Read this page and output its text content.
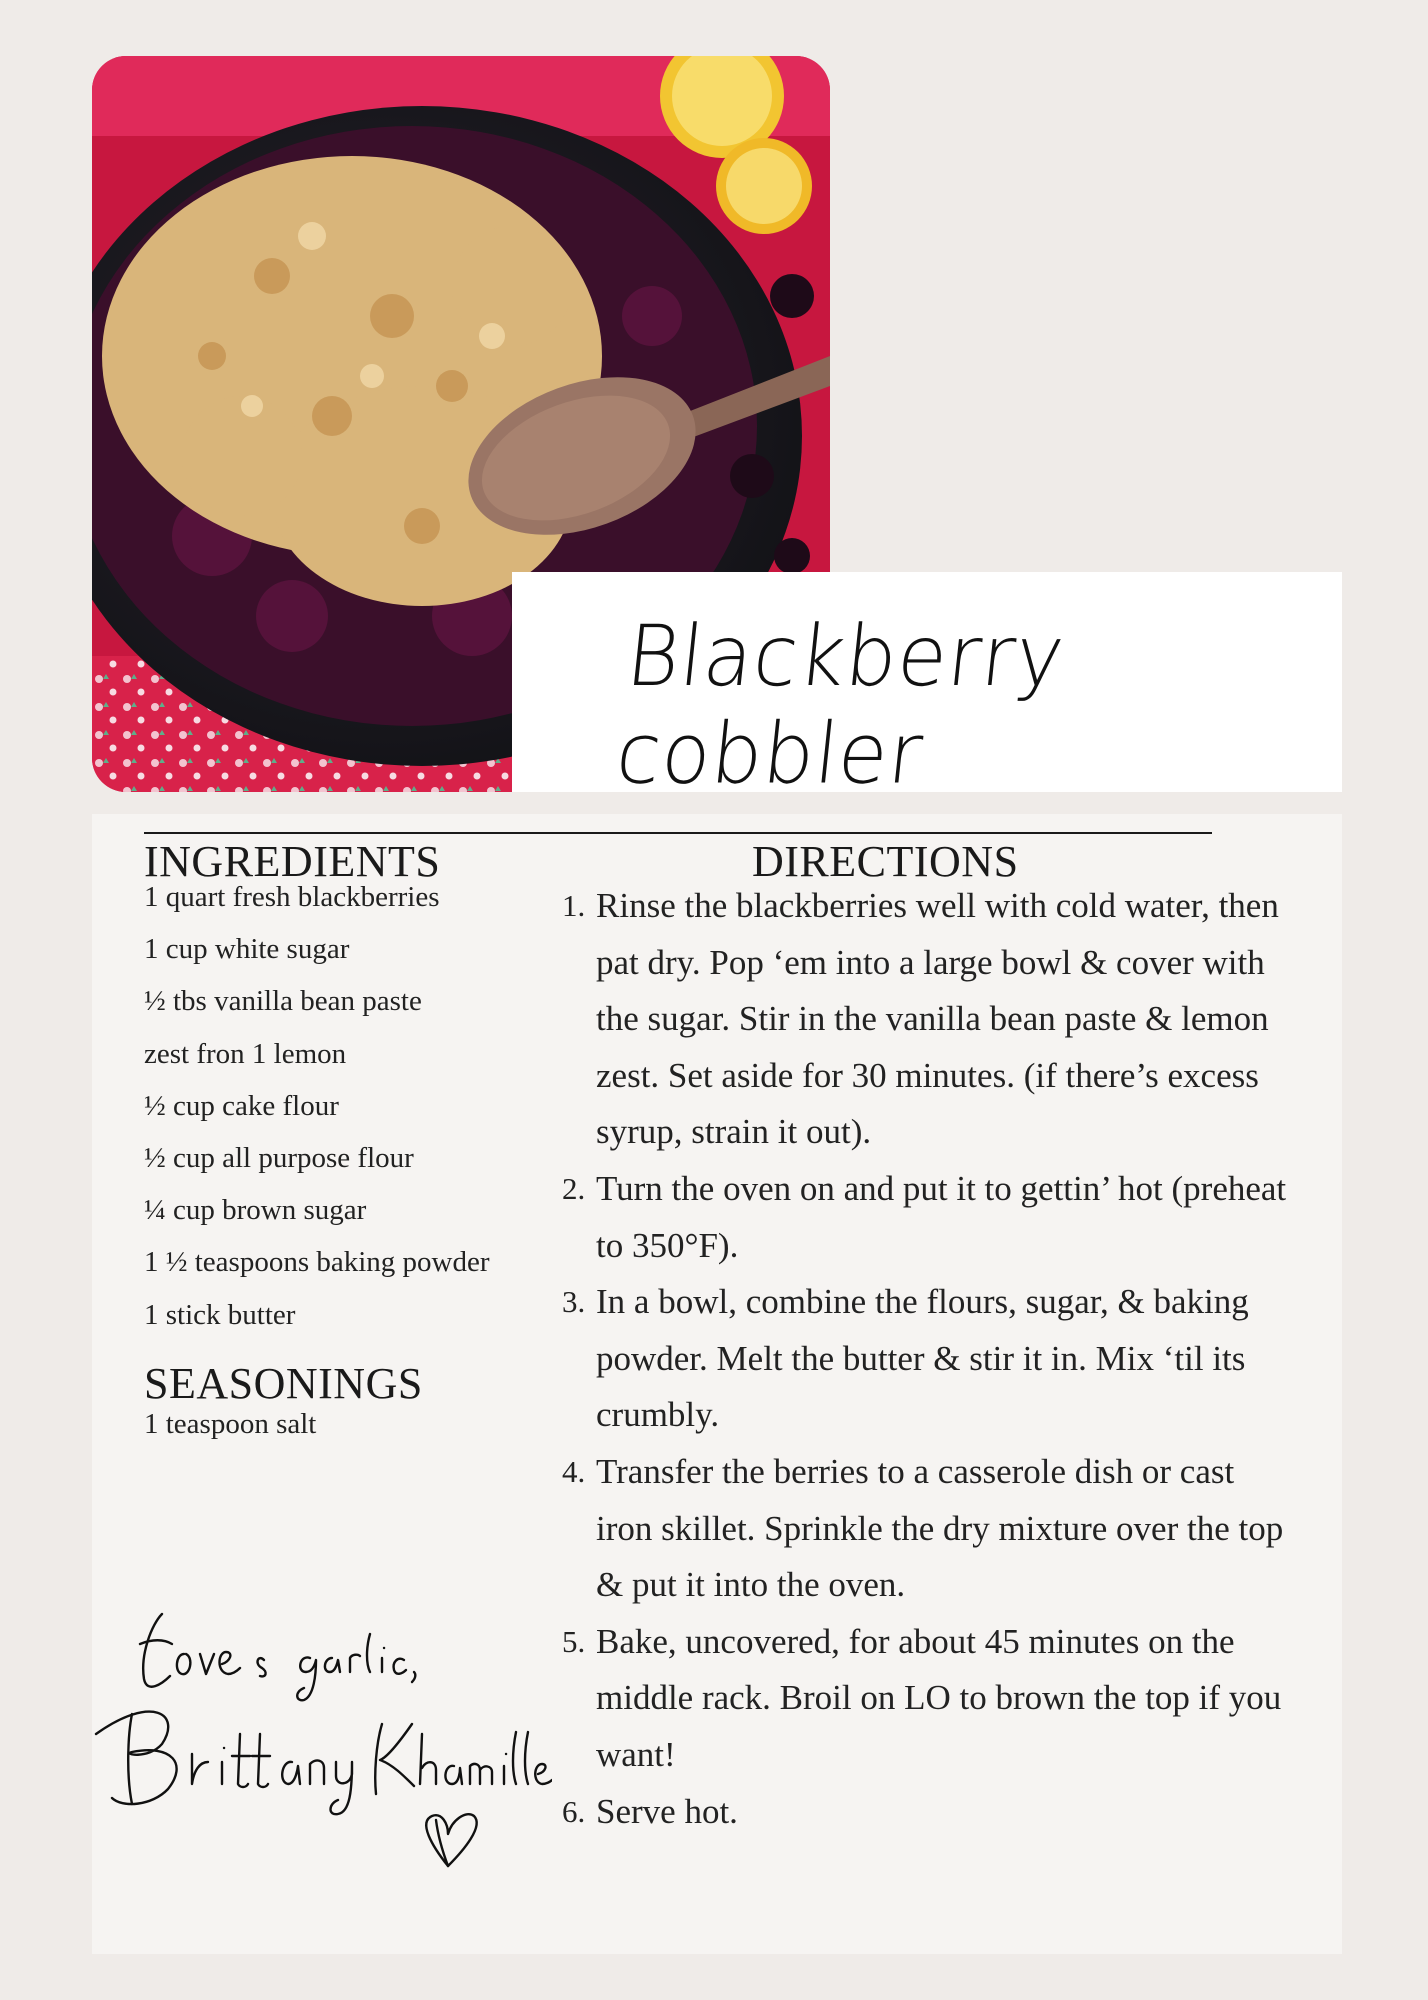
Blackberry cobbler
INGREDIENTS
1 quart fresh blackberries
1 cup white sugar
½ tbs vanilla bean paste
zest fron 1 lemon
½ cup cake flour
½ cup all purpose flour
¼ cup brown sugar
1 ½ teaspoons baking powder
1 stick butter
SEASONINGS
1 teaspoon salt
DIRECTIONS
1. Rinse the blackberries well with cold water, then pat dry. Pop ‘em into a large bowl & cover with the sugar. Stir in the vanilla bean paste & lemon zest. Set aside for 30 minutes. (if there’s excess syrup, strain it out).
2. Turn the oven on and put it to gettin’ hot (preheat to 350°F).
3. In a bowl, combine the flours, sugar, & baking powder. Melt the butter & stir it in. Mix ‘til its crumbly.
4. Transfer the berries to a casserole dish or cast iron skillet. Sprinkle the dry mixture over the top & put it into the oven.
5. Bake, uncovered, for about 45 minutes on the middle rack. Broil on LO to brown the top if you want!
6. Serve hot.
